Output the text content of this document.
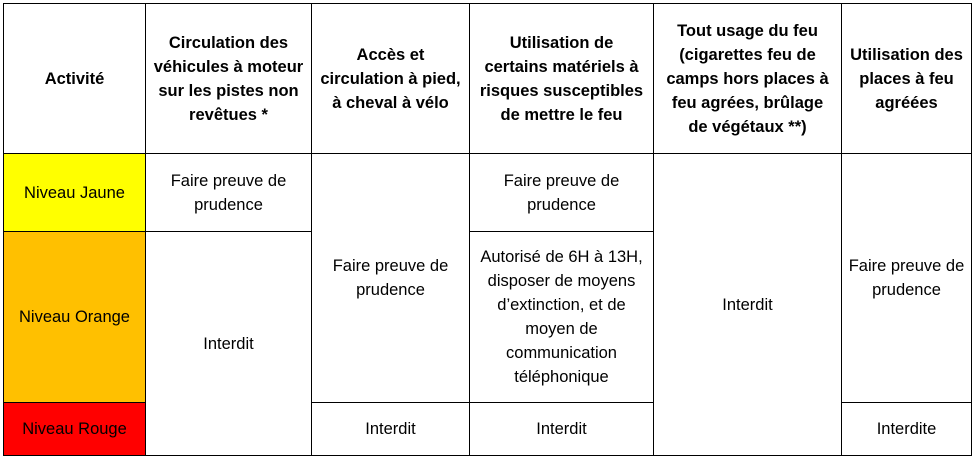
Activité	Circulation des véhicules à moteur sur les pistes non revêtues *	Accès et circulation à pied, à cheval à vélo	Utilisation de certains matériels à risques susceptibles de mettre le feu	Tout usage du feu (cigarettes feu de camps hors places à feu agrées, brûlage de végétaux **)	Utilisation des places à feu agréées
Niveau Jaune	Faire preuve de prudence	Faire preuve de prudence	Faire preuve de prudence	Interdit	Faire preuve de prudence
Niveau Orange	Interdit		Autorisé de 6H à 13H, disposer de moyens d’extinction, et de moyen de communication téléphonique		
Niveau Rouge		Interdit	Interdit		Interdite
